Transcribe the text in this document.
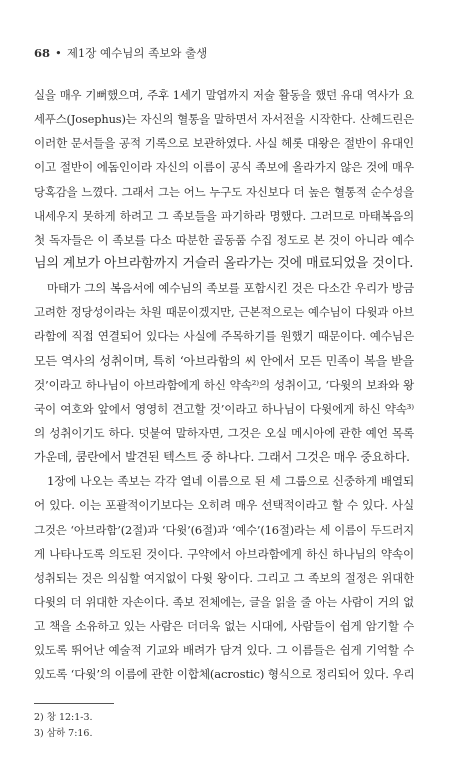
68 • 제1장 예수님의 족보와 출생
실을 매우 기뻐했으며, 주후 1세기 말엽까지 저술 활동을 했던 유대 역사가 요
세푸스(Josephus)는 자신의 혈통을 말하면서 자서전을 시작한다. 산헤드린은
이러한 문서들을 공적 기록으로 보관하였다. 사실 헤롯 대왕은 절반이 유대인
이고 절반이 에돔인이라 자신의 이름이 공식 족보에 올라가지 않은 것에 매우
당혹감을 느꼈다. 그래서 그는 어느 누구도 자신보다 더 높은 혈통적 순수성을
내세우지 못하게 하려고 그 족보들을 파기하라 명했다. 그러므로 마태복음의
첫 독자들은 이 족보를 다소 따분한 골동품 수집 정도로 본 것이 아니라 예수
님의 계보가 아브라함까지 거슬러 올라가는 것에 매료되었을 것이다.
마태가 그의 복음서에 예수님의 족보를 포함시킨 것은 다소간 우리가 방금
고려한 정당성이라는 차원 때문이겠지만, 근본적으로는 예수님이 다윗과 아브
라함에 직접 연결되어 있다는 사실에 주목하기를 원했기 때문이다. 예수님은
모든 역사의 성취이며, 특히 ‘아브라함의 씨 안에서 모든 민족이 복을 받을
것’이라고 하나님이 아브라함에게 하신 약속²⁾의 성취이고, ‘다윗의 보좌와 왕
국이 여호와 앞에서 영영히 견고할 것’이라고 하나님이 다윗에게 하신 약속³⁾
의 성취이기도 하다. 덧붙여 말하자면, 그것은 오실 메시아에 관한 예언 목록
가운데, 쿰란에서 발견된 텍스트 중 하나다. 그래서 그것은 매우 중요하다.
1장에 나오는 족보는 각각 열네 이름으로 된 세 그룹으로 신중하게 배열되
어 있다. 이는 포괄적이기보다는 오히려 매우 선택적이라고 할 수 있다. 사실
그것은 ‘아브라함’(2절)과 ‘다윗’(6절)과 ‘예수’(16절)라는 세 이름이 두드러지
게 나타나도록 의도된 것이다. 구약에서 아브라함에게 하신 하나님의 약속이
성취되는 것은 의심할 여지없이 다윗 왕이다. 그리고 그 족보의 절정은 위대한
다윗의 더 위대한 자손이다. 족보 전체에는, 글을 읽을 줄 아는 사람이 거의 없
고 책을 소유하고 있는 사람은 더더욱 없는 시대에, 사람들이 쉽게 암기할 수
있도록 뛰어난 예술적 기교와 배려가 담겨 있다. 그 이름들은 쉽게 기억할 수
있도록 ‘다윗’의 이름에 관한 이합체(acrostic) 형식으로 정리되어 있다. 우리
2) 창 12:1-3.
3) 삼하 7:16.
